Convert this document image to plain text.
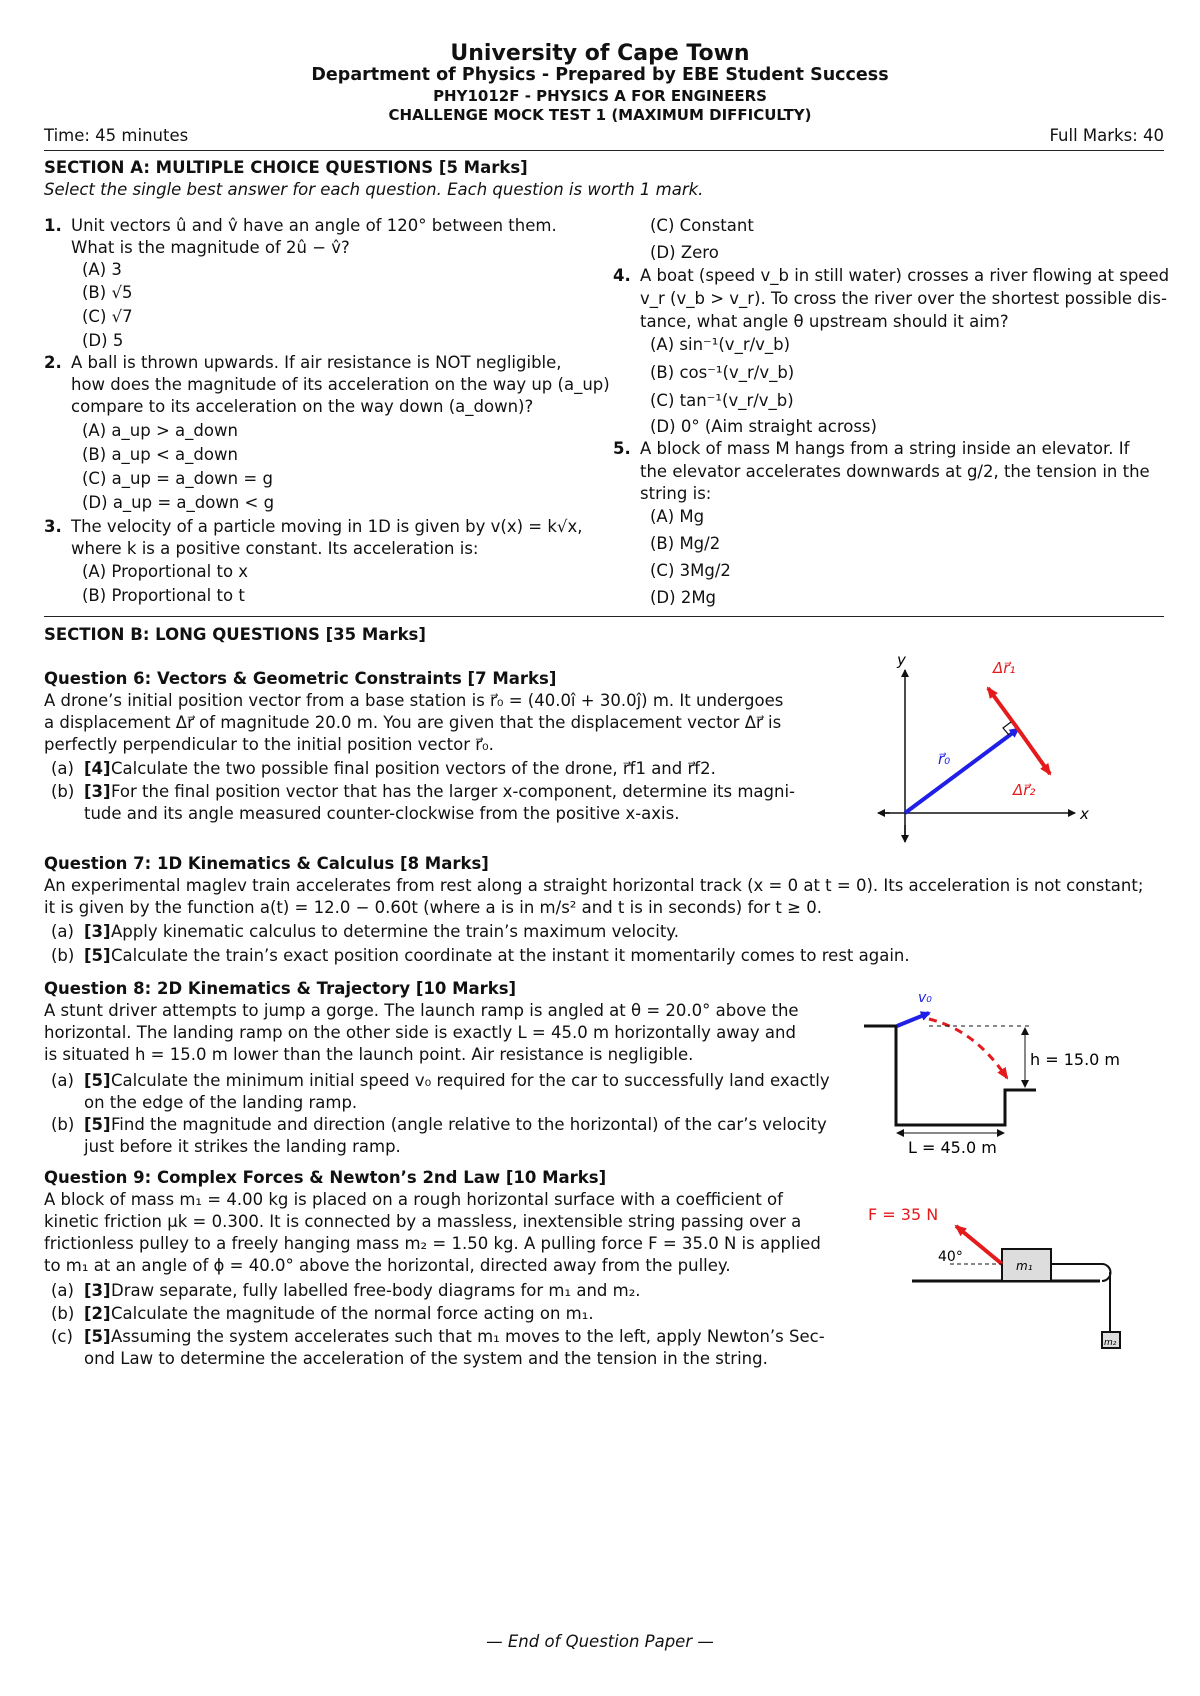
University of Cape Town
Department of Physics - Prepared by EBE Student Success
PHY1012F - PHYSICS A FOR ENGINEERS
CHALLENGE MOCK TEST 1 (MAXIMUM DIFFICULTY)
Time: 45 minutes	Full Marks: 40
SECTION A: MULTIPLE CHOICE QUESTIONS [5 Marks]
Select the single best answer for each question. Each question is worth 1 mark.
1. Unit vectors û and v̂ have an angle of 120° between them.
What is the magnitude of 2û − v̂?
(A) 3
(B) √5
(C) √7
(D) 5
2. A ball is thrown upwards. If air resistance is NOT negligible,
how does the magnitude of its acceleration on the way up (a_up)
compare to its acceleration on the way down (a_down)?
(A) a_up > a_down
(B) a_up < a_down
(C) a_up = a_down = g
(D) a_up = a_down < g
3. The velocity of a particle moving in 1D is given by v(x) = k√x,
where k is a positive constant. Its acceleration is:
(A) Proportional to x
(B) Proportional to t
(C) Constant
(D) Zero
4. A boat (speed v_b in still water) crosses a river flowing at speed
v_r (v_b > v_r). To cross the river over the shortest possible dis-
tance, what angle θ upstream should it aim?
(A) sin⁻¹(v_r/v_b)
(B) cos⁻¹(v_r/v_b)
(C) tan⁻¹(v_r/v_b)
(D) 0° (Aim straight across)
5. A block of mass M hangs from a string inside an elevator. If
the elevator accelerates downwards at g/2, the tension in the
string is:
(A) Mg
(B) Mg/2
(C) 3Mg/2
(D) 2Mg
SECTION B: LONG QUESTIONS [35 Marks]
Question 6: Vectors & Geometric Constraints [7 Marks]
A drone’s initial position vector from a base station is r⃗₀ = (40.0î + 30.0ĵ) m. It undergoes
a displacement Δr⃗ of magnitude 20.0 m. You are given that the displacement vector Δr⃗ is
perfectly perpendicular to the initial position vector r⃗₀.
(a) [4] Calculate the two possible final position vectors of the drone, r⃗f1 and r⃗f2.
(b) [3] For the final position vector that has the larger x-component, determine its magni-
tude and its angle measured counter-clockwise from the positive x-axis.
y
x
r⃗₀
Δr⃗₁
Δr⃗₂
Question 7: 1D Kinematics & Calculus [8 Marks]
An experimental maglev train accelerates from rest along a straight horizontal track (x = 0 at t = 0). Its acceleration is not constant;
it is given by the function a(t) = 12.0 − 0.60t (where a is in m/s² and t is in seconds) for t ≥ 0.
(a) [3] Apply kinematic calculus to determine the train’s maximum velocity.
(b) [5] Calculate the train’s exact position coordinate at the instant it momentarily comes to rest again.
Question 8: 2D Kinematics & Trajectory [10 Marks]
A stunt driver attempts to jump a gorge. The launch ramp is angled at θ = 20.0° above the
horizontal. The landing ramp on the other side is exactly L = 45.0 m horizontally away and
is situated h = 15.0 m lower than the launch point. Air resistance is negligible.
(a) [5] Calculate the minimum initial speed v₀ required for the car to successfully land exactly
on the edge of the landing ramp.
(b) [5] Find the magnitude and direction (angle relative to the horizontal) of the car’s velocity
just before it strikes the landing ramp.
v₀
h = 15.0 m
L = 45.0 m
Question 9: Complex Forces & Newton’s 2nd Law [10 Marks]
A block of mass m₁ = 4.00 kg is placed on a rough horizontal surface with a coefficient of
kinetic friction μk = 0.300. It is connected by a massless, inextensible string passing over a
frictionless pulley to a freely hanging mass m₂ = 1.50 kg. A pulling force F = 35.0 N is applied
to m₁ at an angle of ϕ = 40.0° above the horizontal, directed away from the pulley.
(a) [3] Draw separate, fully labelled free-body diagrams for m₁ and m₂.
(b) [2] Calculate the magnitude of the normal force acting on m₁.
(c) [5] Assuming the system accelerates such that m₁ moves to the left, apply Newton’s Sec-
ond Law to determine the acceleration of the system and the tension in the string.
m₁
m₂
F = 35 N
40°
— End of Question Paper —
